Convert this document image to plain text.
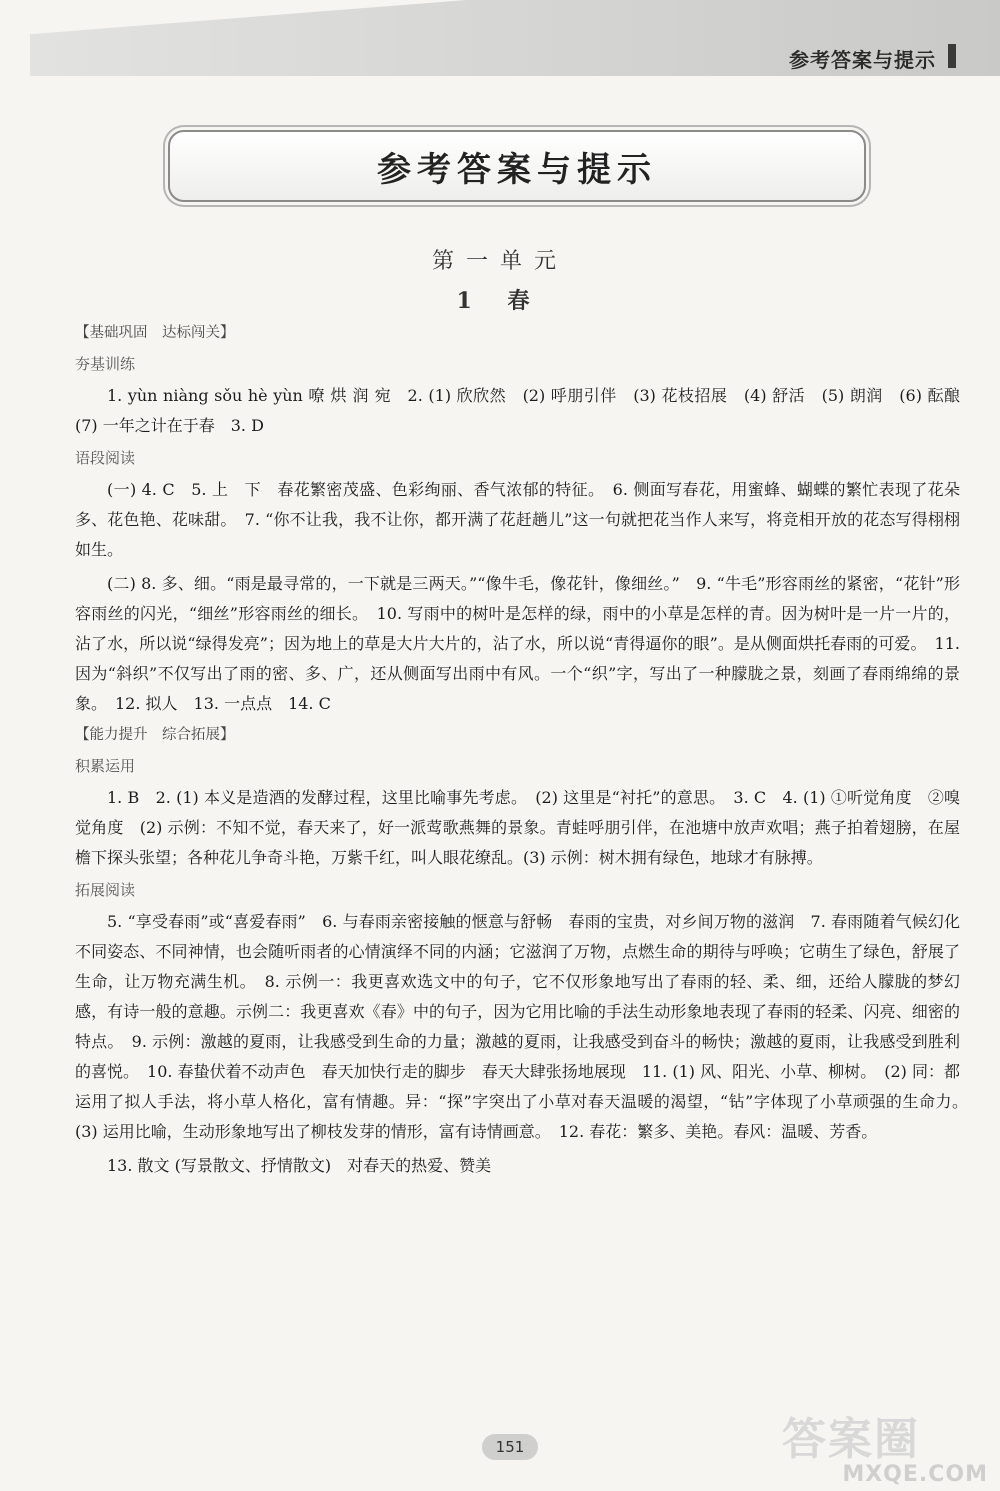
参考答案与提示
参考答案与提示
第一单元
1 春
【基础巩固　达标闯关】
夯基训练

1. yùn niàng sǒu hè yùn 嘹 烘 润 宛　2. (1) 欣欣然　(2) 呼朋引伴　(3) 花枝招展　(4) 舒活　(5) 朗润　(6) 酝酿　(7) 一年之计在于春　3. D

语段阅读

(一) 4. C　5. 上　下　春花繁密茂盛、色彩绚丽、香气浓郁的特征。　6. 侧面写春花，用蜜蜂、蝴蝶的繁忙表现了花朵多、花色艳、花味甜。　7. “你不让我，我不让你，都开满了花赶趟儿”这一句就把花当作人来写，将竞相开放的花态写得栩栩如生。

(二) 8. 多、细。“雨是最寻常的，一下就是三两天。”“像牛毛，像花针，像细丝。”　9. “牛毛”形容雨丝的紧密，“花针”形容雨丝的闪光，“细丝”形容雨丝的细长。　10. 写雨中的树叶是怎样的绿，雨中的小草是怎样的青。因为树叶是一片一片的，沾了水，所以说“绿得发亮”；因为地上的草是大片大片的，沾了水，所以说“青得逼你的眼”。是从侧面烘托春雨的可爱。　11. 因为“斜织”不仅写出了雨的密、多、广，还从侧面写出雨中有风。一个“织”字，写出了一种朦胧之景，刻画了春雨绵绵的景象。　12. 拟人　13. 一点点　14. C

【能力提升　综合拓展】
积累运用

1. B　2. (1) 本义是造酒的发酵过程，这里比喻事先考虑。　(2) 这里是“衬托”的意思。　3. C　4. (1) ①听觉角度　②嗅觉角度　(2) 示例：不知不觉，春天来了，好一派莺歌燕舞的景象。青蛙呼朋引伴，在池塘中放声欢唱；燕子拍着翅膀，在屋檐下探头张望；各种花儿争奇斗艳，万紫千红，叫人眼花缭乱。(3) 示例：树木拥有绿色，地球才有脉搏。

拓展阅读

5. “享受春雨”或“喜爱春雨”　6. 与春雨亲密接触的惬意与舒畅　春雨的宝贵，对乡间万物的滋润　7. 春雨随着气候幻化不同姿态、不同神情，也会随听雨者的心情演绎不同的内涵；它滋润了万物，点燃生命的期待与呼唤；它萌生了绿色，舒展了生命，让万物充满生机。　8. 示例一：我更喜欢选文中的句子，它不仅形象地写出了春雨的轻、柔、细，还给人朦胧的梦幻感，有诗一般的意趣。示例二：我更喜欢《春》中的句子，因为它用比喻的手法生动形象地表现了春雨的轻柔、闪亮、细密的特点。　9. 示例：激越的夏雨，让我感受到生命的力量；激越的夏雨，让我感受到奋斗的畅快；激越的夏雨，让我感受到胜利的喜悦。　10. 春蛰伏着不动声色　春天加快行走的脚步　春天大肆张扬地展现　11. (1) 风、阳光、小草、柳树。　(2) 同：都运用了拟人手法，将小草人格化，富有情趣。异：“探”字突出了小草对春天温暖的渴望，“钻”字体现了小草顽强的生命力。　(3) 运用比喻，生动形象地写出了柳枝发芽的情形，富有诗情画意。　12. 春花：繁多、美艳。春风：温暖、芳香。

13. 散文 (写景散文、抒情散文)　对春天的热爱、赞美

151	答案圈
MXQE.COM
